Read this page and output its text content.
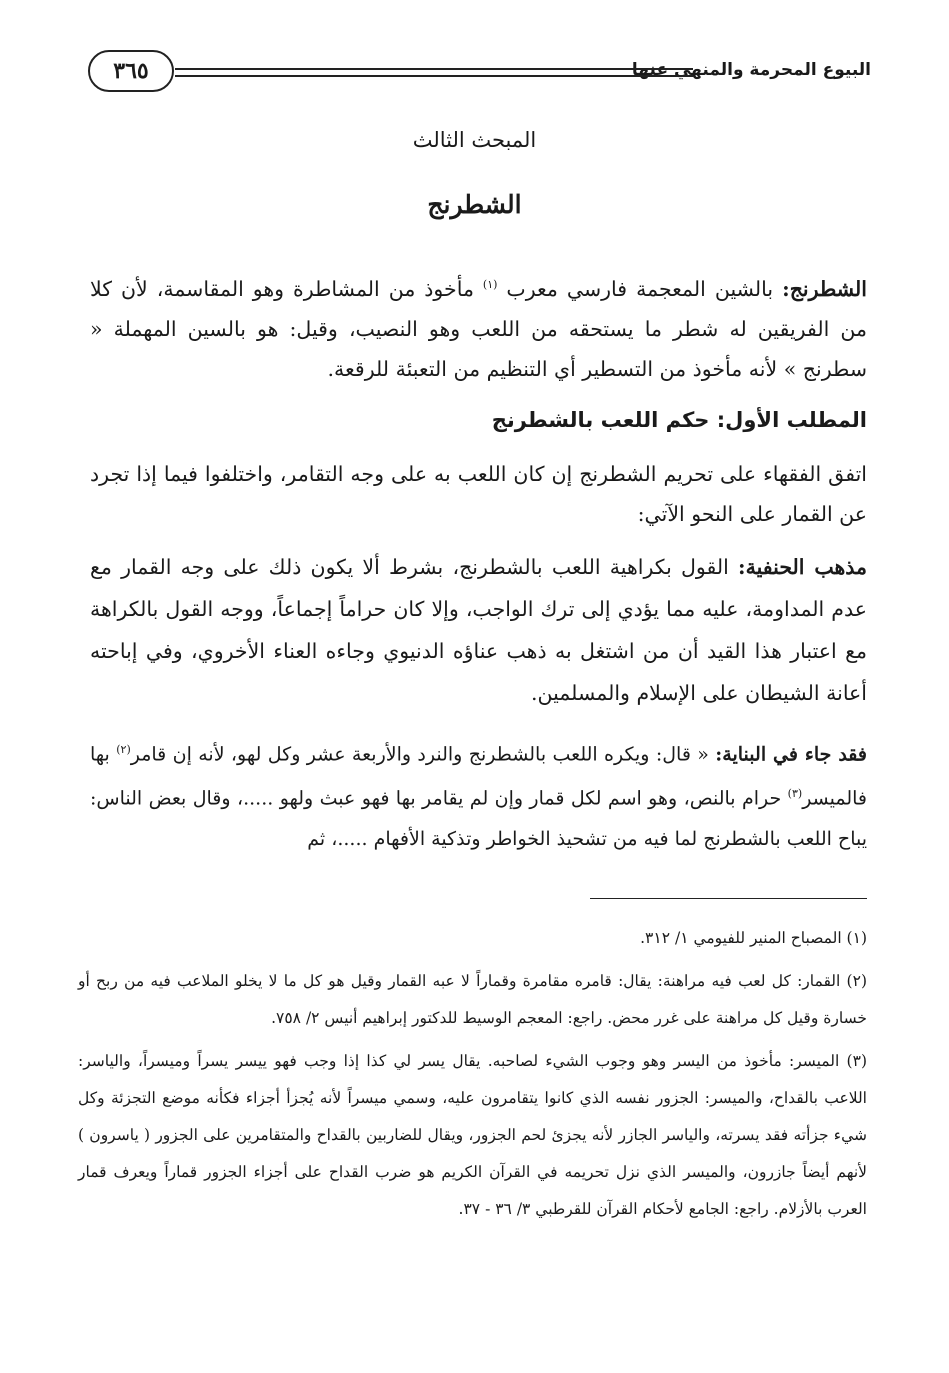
البيوع المحرمة والمنهي عنها
٣٦٥
المبحث الثالث
الشطرنج
الشطرنج: بالشين المعجمة فارسي معرب $^{(١)}$ مأخوذ من المشاطرة وهو المقاسمة، لأن كلا من الفريقين له شطر ما يستحقه من اللعب وهو النصيب، وقيل: هو بالسين المهملة « سطرنج » لأنه مأخوذ من التسطير أي التنظيم من التعبئة للرقعة.
المطلب الأول: حكم اللعب بالشطرنج
اتفق الفقهاء على تحريم الشطرنج إن كان اللعب به على وجه التقامر، واختلفوا فيما إذا تجرد عن القمار على النحو الآتي:
مذهب الحنفية: القول بكراهية اللعب بالشطرنج، بشرط ألا يكون ذلك على وجه القمار مع عدم المداومة، عليه مما يؤدي إلى ترك الواجب، وإلا كان حراماً إجماعاً، ووجه القول بالكراهة مع اعتبار هذا القيد أن من اشتغل به ذهب عناؤه الدنيوي وجاءه العناء الأخروي، وفي إباحته أعانة الشيطان على الإسلام والمسلمين.
فقد جاء في البناية: « قال: ويكره اللعب بالشطرنج والنرد والأربعة عشر وكل لهو، لأنه إن قامر$^{(٢)}$ بها فالميسر$^{(٣)}$ حرام بالنص، وهو اسم لكل قمار وإن لم يقامر بها فهو عبث ولهو .....، وقال بعض الناس: يباح اللعب بالشطرنج لما فيه من تشحيذ الخواطر وتذكية الأفهام .....، ثم

(١) المصباح المنير للفيومي ١/ ٣١٢.

(٢) القمار: كل لعب فيه مراهنة: يقال: قامره مقامرة وقماراً لا عبه القمار وقيل هو كل ما لا يخلو الملاعب فيه من ربح أو خسارة وقيل كل مراهنة على غرر محض. راجع: المعجم الوسيط للدكتور إبراهيم أنيس ٢/ ٧٥٨.

(٣) الميسر: مأخوذ من اليسر وهو وجوب الشيء لصاحبه. يقال يسر لي كذا إذا وجب فهو ييسر يسراً وميسراً، والياسر: اللاعب بالقداح، والميسر: الجزور نفسه الذي كانوا يتقامرون عليه، وسمي ميسراً لأنه يُجزأ أجزاء فكأنه موضع التجزئة وكل شيء جزأته فقد يسرته، والياسر الجازر لأنه يجزئ لحم الجزور، ويقال للضاربين بالقداح والمتقامرين على الجزور ( ياسرون ) لأنهم أيضاً جازرون، والميسر الذي نزل تحريمه في القرآن الكريم هو ضرب القداح على أجزاء الجزور قماراً ويعرف قمار العرب بالأزلام. راجع: الجامع لأحكام القرآن للقرطبي ٣/ ٣٦ - ٣٧.
